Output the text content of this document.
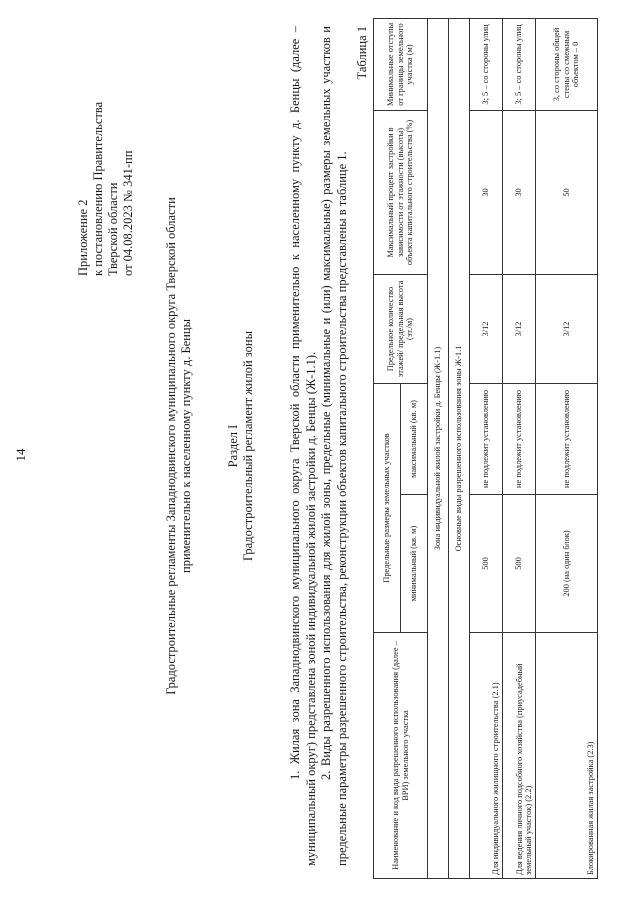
14
Приложение 2 к постановлению Правительства Тверской области от 04.08.2023 № 341-пп Градостроительные регламенты Западнодвинского муниципального округа Тверской области применительно к населенному пункту д. Бенцы	Раздел I Градостроительный регламент жилой зоны	1. Жилая зона Западнодвинского муниципального округа Тверской области применительно к населенному пункту д. Бенцы (далее – муниципальный округ) представлена зоной индивидуальной жилой застройки д. Бенцы (Ж-1.1). 2. Виды разрешенного использования для жилой зоны, предельные (минимальные и (или) максимальные) размеры земельных участков и предельные параметры разрешенного строительства, реконструкции объектов капитального строительства представлены в таблице 1.
Таблица 1
Наименование и код вида разрешенного использования (далее – ВРИ) земельного участка	Предельные размеры земельных участков		Предельное количество этажей/ предельная высота (эт./м)	Максимальный процент застройки в зависимости от этажности (высоты) объекта капитального строительства (%)	Минимальные отступы от границы земельного участка (м)
	минимальный (кв. м)	максимальный (кв. м)			
Зона индивидуальной жилой застройки д. Бенцы (Ж-1.1)					
Основные виды разрешенного использования зоны Ж-1.1					
Для индивидуального жилищного строительства (2.1)	500	не подлежит установлению	3/12	30	3; 5 – со стороны улиц
Для ведения личного подсобного хозяйства (приусадебный земельный участок) (2.2)	500	не подлежит установлению	3/12	30	3; 5 – со стороны улиц
Блокированная жилая застройка (2.3)	200 (на один блок)	не подлежит установлению	3/12	50	3, со стороны общей стены со смежным объектом – 0
